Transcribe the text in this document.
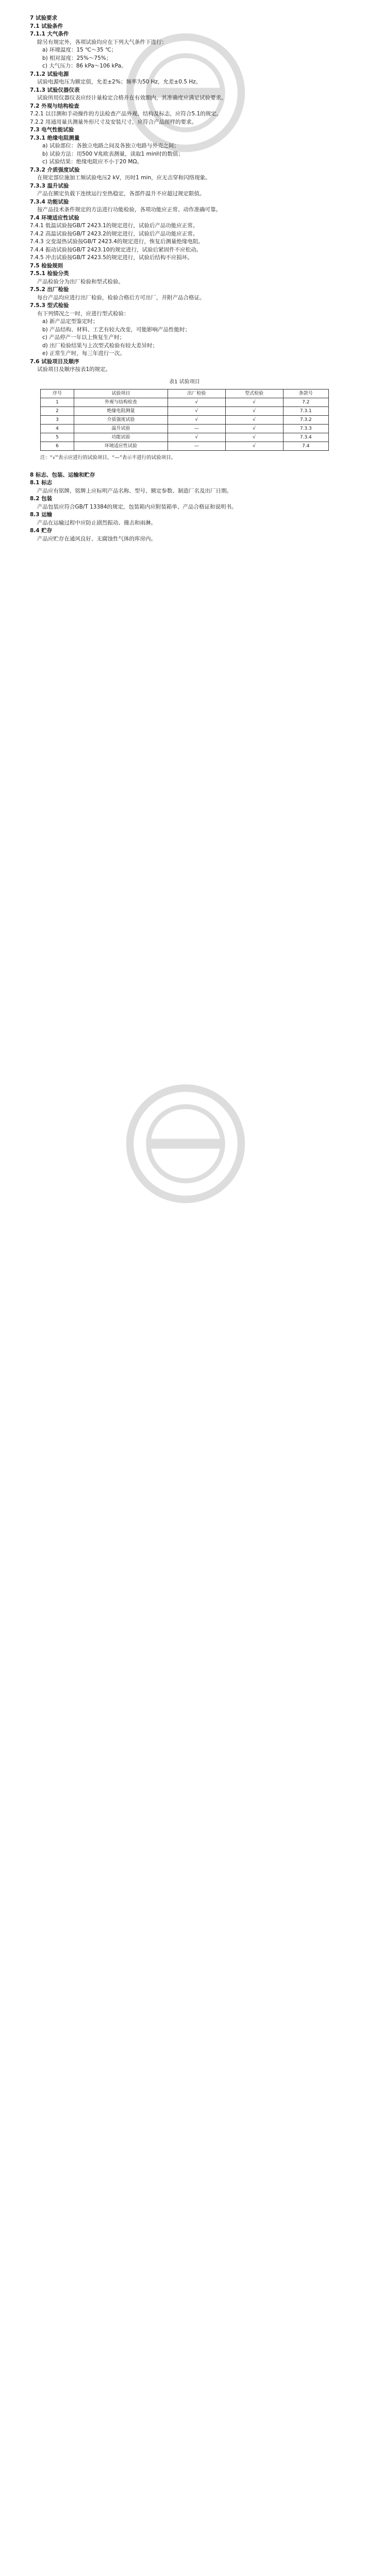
7 试验要求
7.1 试验条件
7.1.1 大气条件
除另有规定外，各项试验均应在下列大气条件下进行：
a) 环境温度：15 ℃～35 ℃；
b) 相对湿度：25%～75%；
c) 大气压力：86 kPa～106 kPa。
7.1.2 试验电源
试验电源电压为额定值，允差±2%；频率为50 Hz，允差±0.5 Hz。
7.1.3 试验仪器仪表
试验所用仪器仪表应经计量检定合格并在有效期内，其准确度应满足试验要求。
7.2 外观与结构检查
7.2.1 以目测和手动操作的方法检查产品外观、结构及标志，应符合5.1的规定。
7.2.2 用通用量具测量外形尺寸及安装尺寸，应符合产品图样的要求。
7.3 电气性能试验
7.3.1 绝缘电阻测量
a) 试验部位：各独立电路之间及各独立电路与外壳之间；
b) 试验方法：用500 V兆欧表测量，读取1 min时的数值；
c) 试验结果：绝缘电阻应不小于20 MΩ。
7.3.2 介质强度试验
在规定部位施加工频试验电压2 kV，历时1 min，应无击穿和闪络现象。
7.3.3 温升试验
产品在额定负载下连续运行至热稳定，各部件温升不应超过规定限值。
7.3.4 功能试验
按产品技术条件规定的方法进行功能检验，各项功能应正常、动作准确可靠。
7.4 环境适应性试验
7.4.1 低温试验按GB/T 2423.1的规定进行，试验后产品功能应正常。
7.4.2 高温试验按GB/T 2423.2的规定进行，试验后产品功能应正常。
7.4.3 交变湿热试验按GB/T 2423.4的规定进行，恢复后测量绝缘电阻。
7.4.4 振动试验按GB/T 2423.10的规定进行，试验后紧固件不应松动。
7.4.5 冲击试验按GB/T 2423.5的规定进行，试验后结构不应损坏。
7.5 检验规则
7.5.1 检验分类
产品检验分为出厂检验和型式检验。
7.5.2 出厂检验
每台产品均应进行出厂检验，检验合格后方可出厂，并附产品合格证。
7.5.3 型式检验
有下列情况之一时，应进行型式检验：
a) 新产品定型鉴定时；
b) 产品结构、材料、工艺有较大改变，可能影响产品性能时；
c) 产品停产一年以上恢复生产时；
d) 出厂检验结果与上次型式检验有较大差异时；
e) 正常生产时，每三年进行一次。
7.6 试验项目及顺序
试验项目及顺序按表1的规定。
表1 试验项目
序号	试验项目	出厂检验	型式检验	条款号
1	外观与结构检查	√	√	7.2
2	绝缘电阻测量	√	√	7.3.1
3	介质强度试验	√	√	7.3.2
4	温升试验	—	√	7.3.3
5	功能试验	√	√	7.3.4
6	环境适应性试验	—	√	7.4
注：“√”表示应进行的试验项目，“—”表示不进行的试验项目。
8 标志、包装、运输和贮存
8.1 标志
产品应有铭牌，铭牌上应标明产品名称、型号、额定参数、制造厂名及出厂日期。
8.2 包装
产品包装应符合GB/T 13384的规定，包装箱内应附装箱单、产品合格证和说明书。
8.3 运输
产品在运输过程中应防止剧烈振动、撞击和雨淋。
8.4 贮存
产品应贮存在通风良好、无腐蚀性气体的库房内。
